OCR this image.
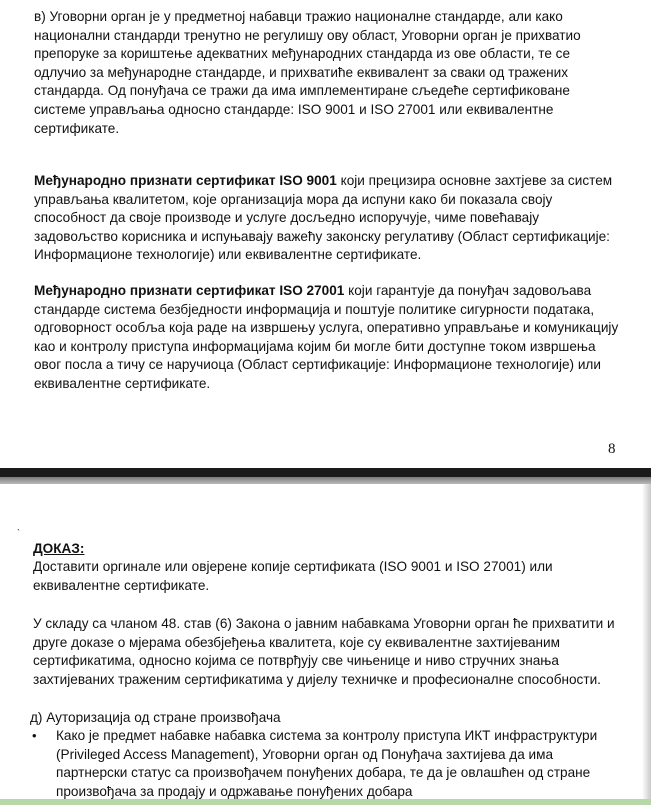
в) Уговорни орган је у предметној набавци тражио националне стандарде, али како
национални стандарди тренутно не регулишу ову област, Уговорни орган је прихватио
препоруке за кориштење адекватних међународних стандарда из ове области, те се
одлучио за међународне стандарде, и прихватиће еквивалент за сваки од тражених
стандарда. Од понуђача се тражи да има имплементиране сљедеће сертификоване
системе управљања односно стандарде: ISO 9001 и ISO 27001 или еквивалентне
сертификате.

Међународно признати сертификат ISO 9001 који прецизира основне захтјеве за систем
управљања квалитетом, које организација мора да испуни како би показала своју
способност да своје производе и услуге досљедно испоручује, чиме повећавају
задовољство корисника и испуњавају важећу законску регулативу (Област сертификације:
Информационе технологије) или еквивалентне сертификате.

Међународно признати сертификат ISO 27001 који гарантује да понуђач задовољава
стандарде система безбједности информација и поштује политике сигурности података,
одговорност особља која раде на извршењу услуга, оперативно управљање и комуникацију
као и контролу приступа информацијама којим би могле бити доступне током извршења
овог посла а тичу се наручиоца (Област сертификације: Информационе технологије) или
еквивалентне сертификате.

8
`
ДОКАЗ:

Доставити оргинале или овјерене копије сертификата (ISO 9001 и ISO 27001) или
еквивалентне сертификате.

У складу са чланом 48. став (6) Закона о јавним набавкама Уговорни орган ће прихватити и
друге доказе о мјерама обезбјеђења квалитета, које су еквивалентне захтијеваним
сертификатима, односно којима се потврђују све чињенице и ниво стручних знања
захтијеваних траженим сертификатима у дијелу техничке и професионалне способности.

д) Ауторизација од стране произвођача
• Како је предмет набавке набавка система за контролу приступа ИКТ инфраструктури
(Privileged Access Management), Уговорни орган од Понуђача захтијева да има
партнерски статус са произвођачем понуђених добара, те да је овлашћен од стране
произвођача за продају и одржавање понуђених добара
